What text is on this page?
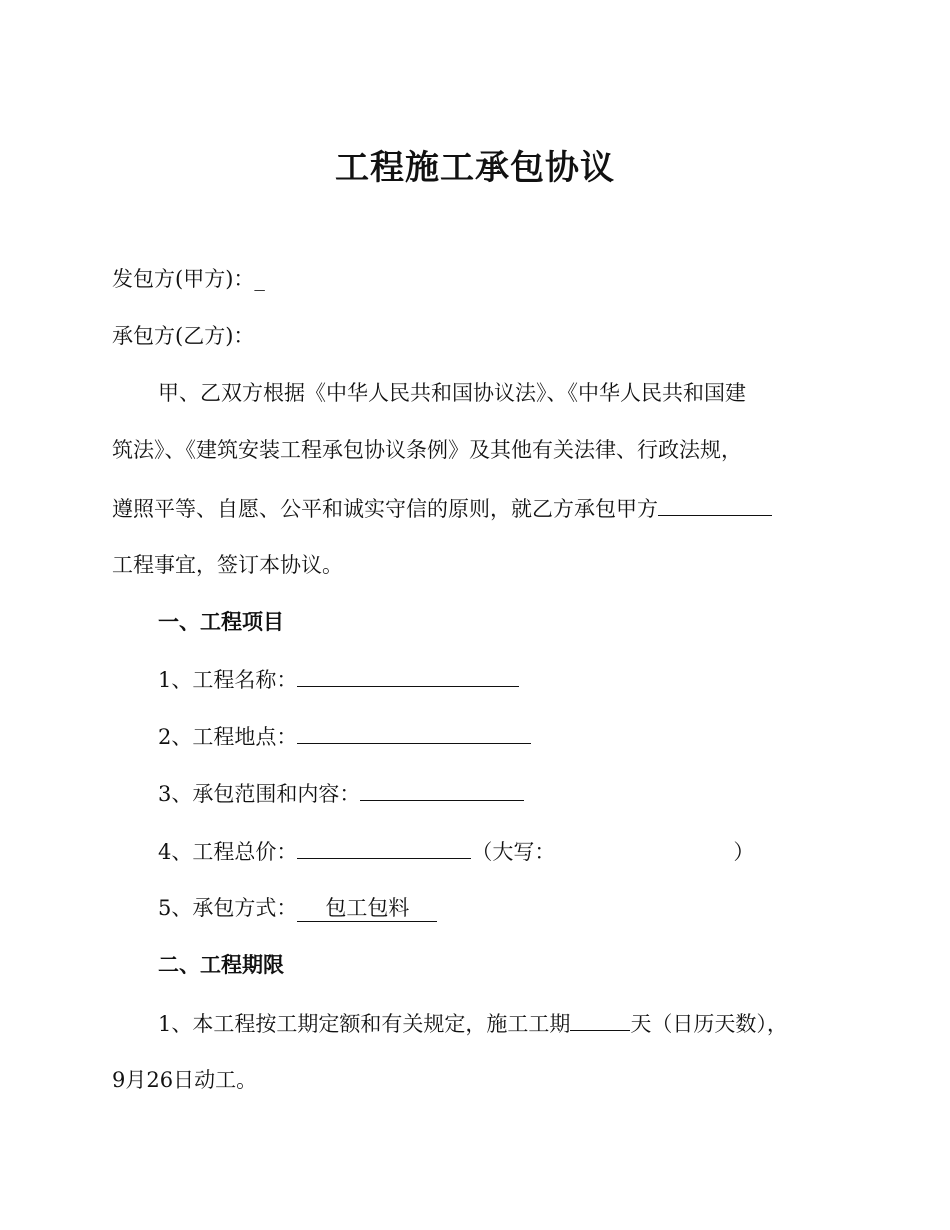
工程施工承包协议
发包方(甲方)：_
承包方(乙方)：
甲、乙双方根据《中华人民共和国协议法》、《中华人民共和国建
筑法》、《建筑安装工程承包协议条例》及其他有关法律、行政法规，
遵照平等、自愿、公平和诚实守信的原则，就乙方承包甲方
工程事宜，签订本协议。
一、工程项目
1、工程名称：
2、工程地点：
3、承包范围和内容：
4、工程总价：	（大写：	）
5、承包方式： 包工包料
二、工程期限
1、本工程按工期定额和有关规定，施工工期	天（日历天数），
9月26日动工。
